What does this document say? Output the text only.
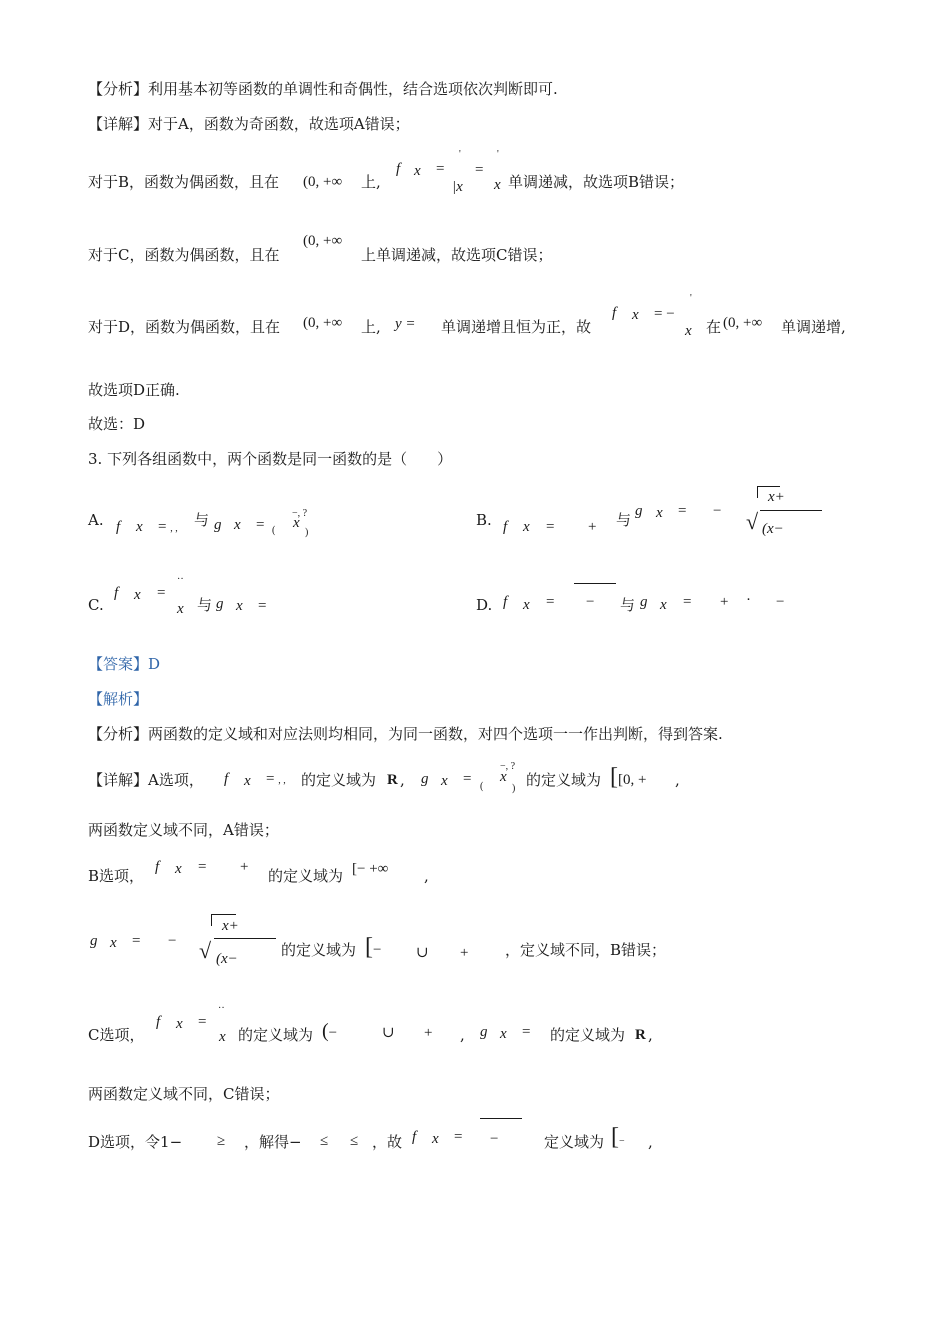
【分析】利用基本初等函数的单调性和奇偶性，结合选项依次判断即可.
【详解】对于A，函数为奇函数，故选项A错误；
对于B，函数为偶函数，且在 (0, +∞ 上,
f x =
'
|x
=
'
x 单调递减，故选项B错误；
对于C，函数为偶函数，且在
(0, +∞
上单调递减，故选项C错误；
对于D，函数为偶函数，且在 (0, +∞ 上, y = 单调递增且恒为正，故
f x = −
'
x 在 (0, +∞ 单调递增,
故选项D正确.
故选：D
3. 下列各组函数中，两个函数是同一函数的是（　　）
A. f x = , , 与 g x = (
−, ?
x
)
B. f x = + 与 g x = −
x+
√ (x−
C.
f x =
··
x 与 g x =	D. f x = − 与 g x = + · −
【答案】D
【解析】
【分析】两函数的定义域和对应法则均相同，为同一函数，对四个选项一一作出判断，得到答案.
【详解】A选项， f x = , , 的定义域为 R , g x = (
−, ?
x
) 的定义域为 [[0, + ,
两函数定义域不同，A错误；
B选项， f x = + 的定义域为 [− +∞ ,
g x = −
x+
√ (x−	的定义域为 [− ∪ + ，定义域不同，B错误；
C选项，
f x =
··
x 的定义域为 (−	∪ + , g x = 的定义域为 R ,
两函数定义域不同，C错误；
D选项，令1− ≥ ，解得− ≤ ≤ ，故 f x = −	定义域为 [− ,
